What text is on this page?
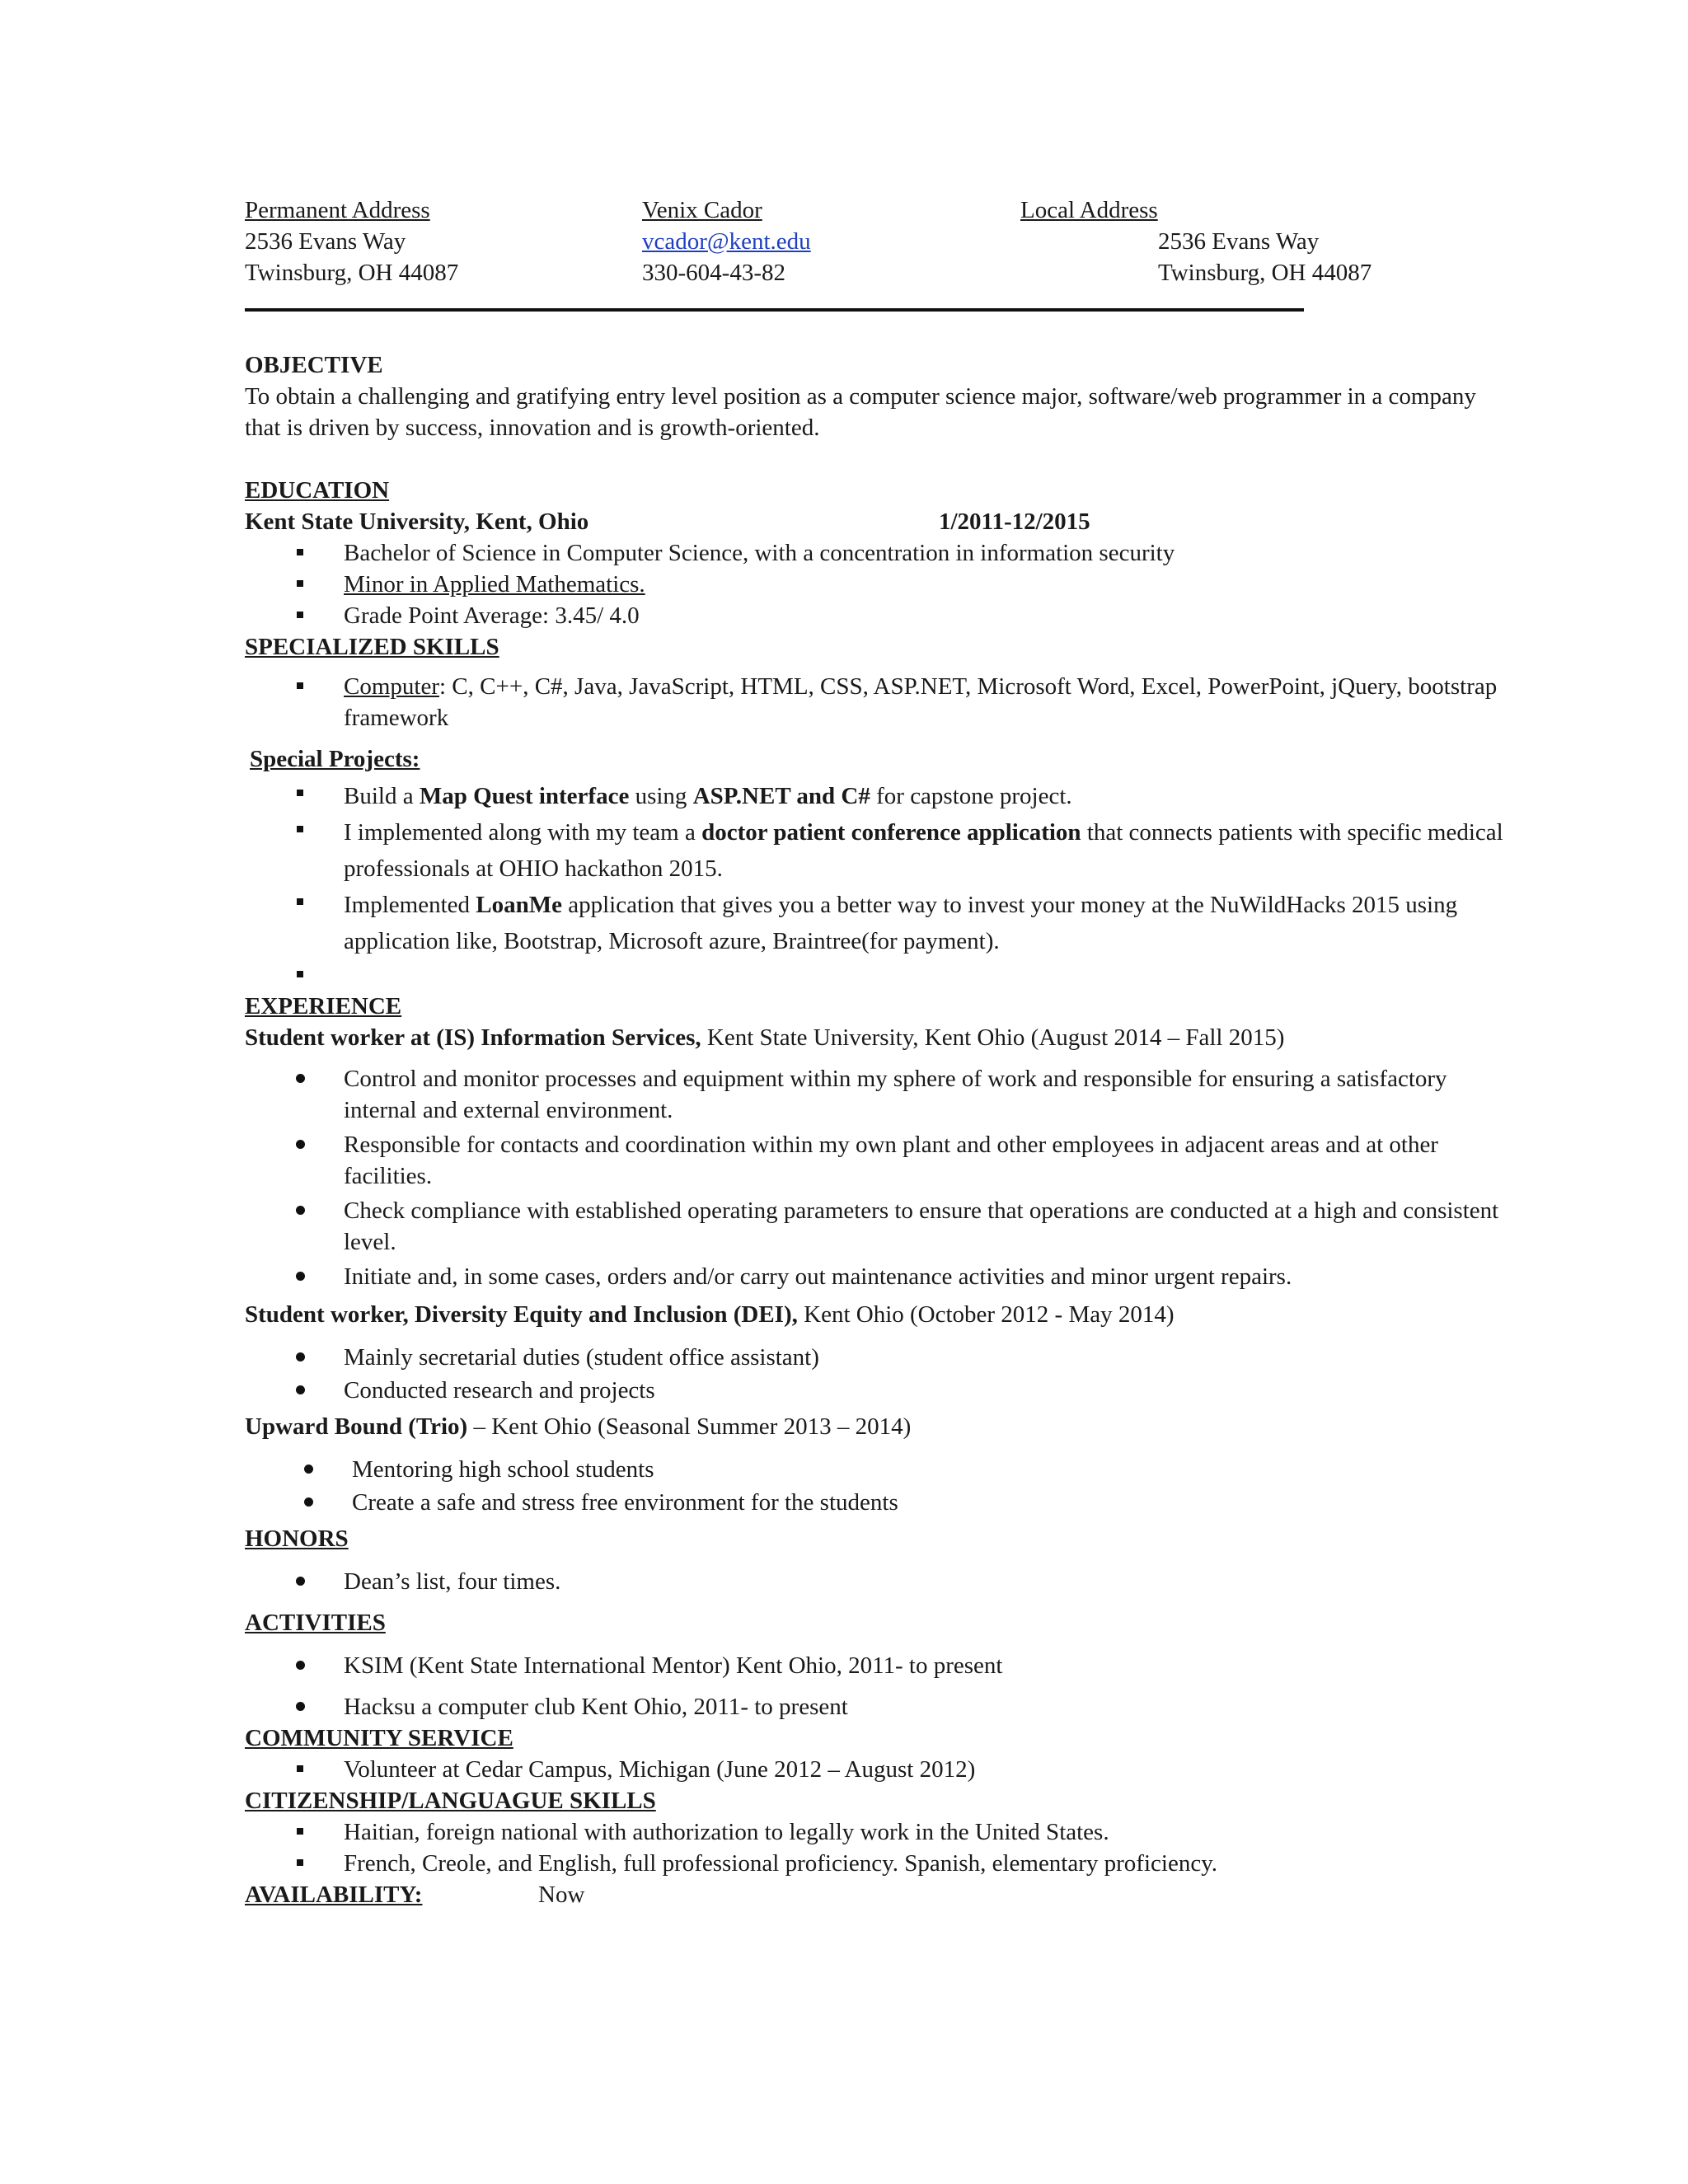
Permanent Address	Venix Cador	Local Address
2536 Evans Way	vcador@kent.edu	2536 Evans Way
Twinsburg, OH 44087	330-604-43-82	Twinsburg, OH 44087
OBJECTIVE

To obtain a challenging and gratifying entry level position as a computer science major, software/web programmer in a company that is driven by success, innovation and is growth-oriented.

EDUCATION
Kent State University, Kent, Ohio	1/2011-12/2015
Bachelor of Science in Computer Science, with a concentration in information security
Minor in Applied Mathematics.
Grade Point Average: 3.45/ 4.0
SPECIALIZED SKILLS
Computer: C, C++, C#, Java, JavaScript, HTML, CSS, ASP.NET, Microsoft Word, Excel, PowerPoint, jQuery, bootstrap framework
Special Projects:
Build a Map Quest interface using ASP.NET and C# for capstone project.
I implemented along with my team a doctor patient conference application that connects patients with specific medical professionals at OHIO hackathon 2015.
Implemented LoanMe application that gives you a better way to invest your money at the NuWildHacks 2015 using application like, Bootstrap, Microsoft azure, Braintree(for payment).
EXPERIENCE
Student worker at (IS) Information Services, Kent State University, Kent Ohio (August 2014 – Fall 2015)
Control and monitor processes and equipment within my sphere of work and responsible for ensuring a satisfactory internal and external environment.
Responsible for contacts and coordination within my own plant and other employees in adjacent areas and at other facilities.
Check compliance with established operating parameters to ensure that operations are conducted at a high and consistent level.
Initiate and, in some cases, orders and/or carry out maintenance activities and minor urgent repairs.
Student worker, Diversity Equity and Inclusion (DEI), Kent Ohio (October 2012 - May 2014)
Mainly secretarial duties (student office assistant)
Conducted research and projects
Upward Bound (Trio) – Kent Ohio (Seasonal Summer 2013 – 2014)
Mentoring high school students
Create a safe and stress free environment for the students
HONORS
Dean’s list, four times.
ACTIVITIES
KSIM (Kent State International Mentor) Kent Ohio, 2011- to present
Hacksu a computer club Kent Ohio, 2011- to present
COMMUNITY SERVICE
Volunteer at Cedar Campus, Michigan (June 2012 – August 2012)
CITIZENSHIP/LANGUAGUE SKILLS
Haitian, foreign national with authorization to legally work in the United States.
French, Creole, and English, full professional proficiency. Spanish, elementary proficiency.
AVAILABILITY:	Now
